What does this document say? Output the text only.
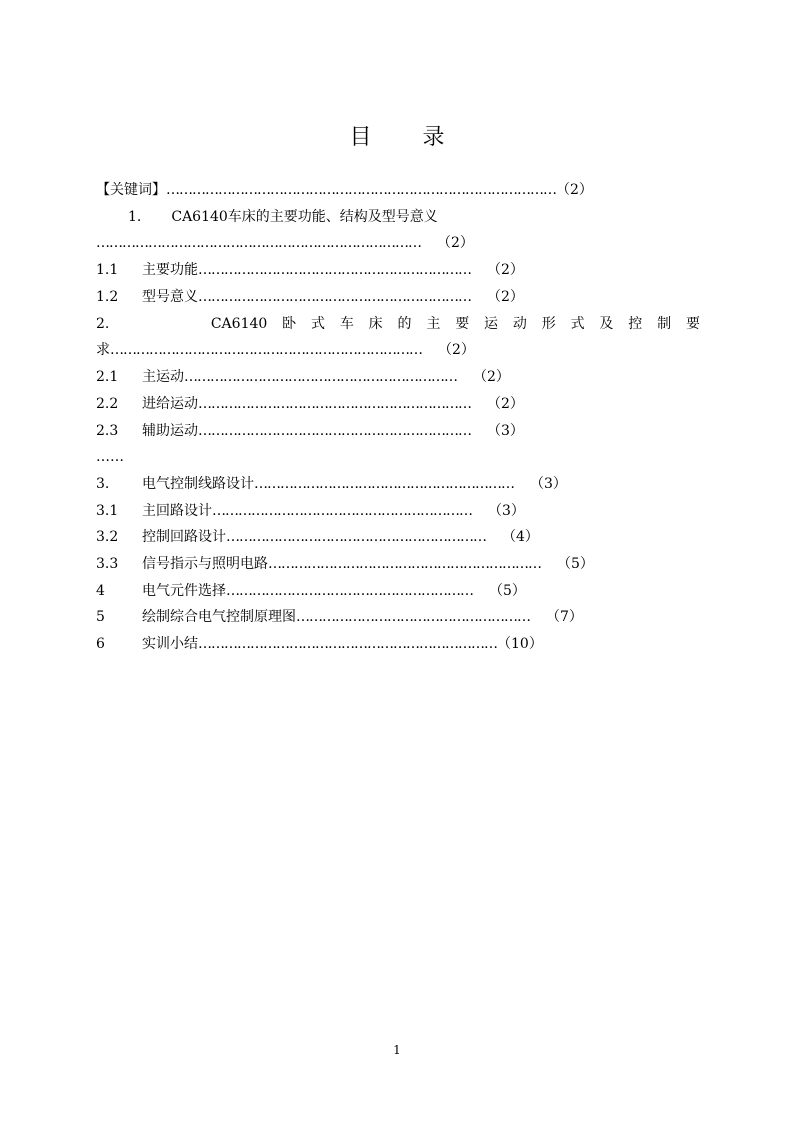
目 录
【关键词】………………………………………………………………………………（2）
1. CA6140车床的主要功能、结构及型号意义
………………………………………………………………… （2）
1.1 主要功能……………………………………………………… （2）
1.2 型号意义……………………………………………………… （2）
2.	CA6140 卧 式 车 床 的 主 要 运 动 形 式 及 控 制 要
求……………………………………………………………… （2）
2.1 主运动……………………………………………………… （2）
2.2 进给运动……………………………………………………… （2）
2.3 辅助运动……………………………………………………… （3）
……
3. 电气控制线路设计…………………………………………………… （3）
3.1 主回路设计…………………………………………………… （3）
3.2 控制回路设计…………………………………………………… （4）
3.3 信号指示与照明电路……………………………………………………… （5）
4	电气元件选择………………………………………………… （5）
5	绘制综合电气控制原理图……………………………………………… （7）
6	实训小结……………………………………………………………（10）
1
